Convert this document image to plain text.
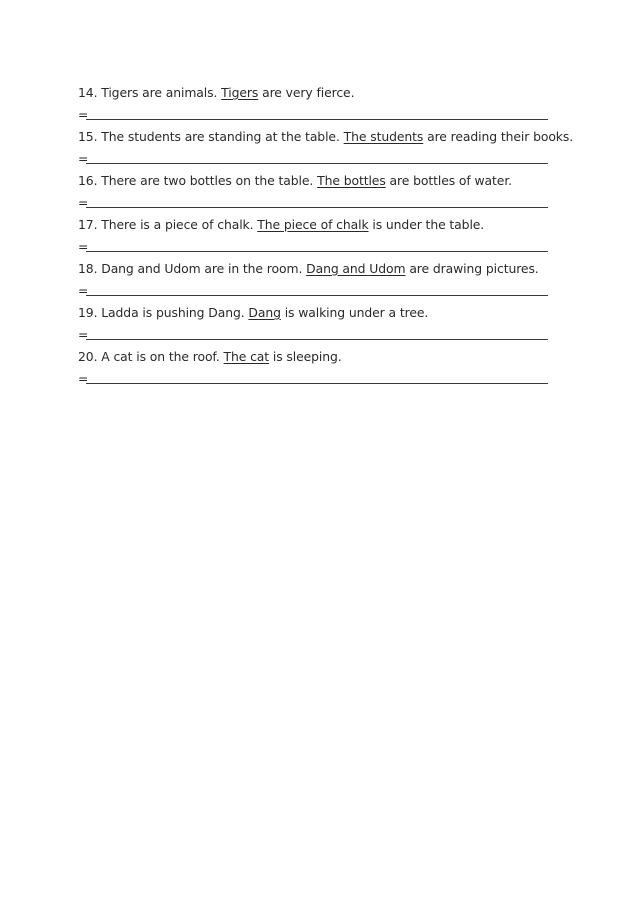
14. Tigers are animals. Tigers are very fierce.
=
15. The students are standing at the table. The students are reading their books.
=
16. There are two bottles on the table. The bottles are bottles of water.
=
17. There is a piece of chalk. The piece of chalk is under the table.
=
18. Dang and Udom are in the room. Dang and Udom are drawing pictures.
=
19. Ladda is pushing Dang. Dang is walking under a tree.
=
20. A cat is on the roof. The cat is sleeping.
=
